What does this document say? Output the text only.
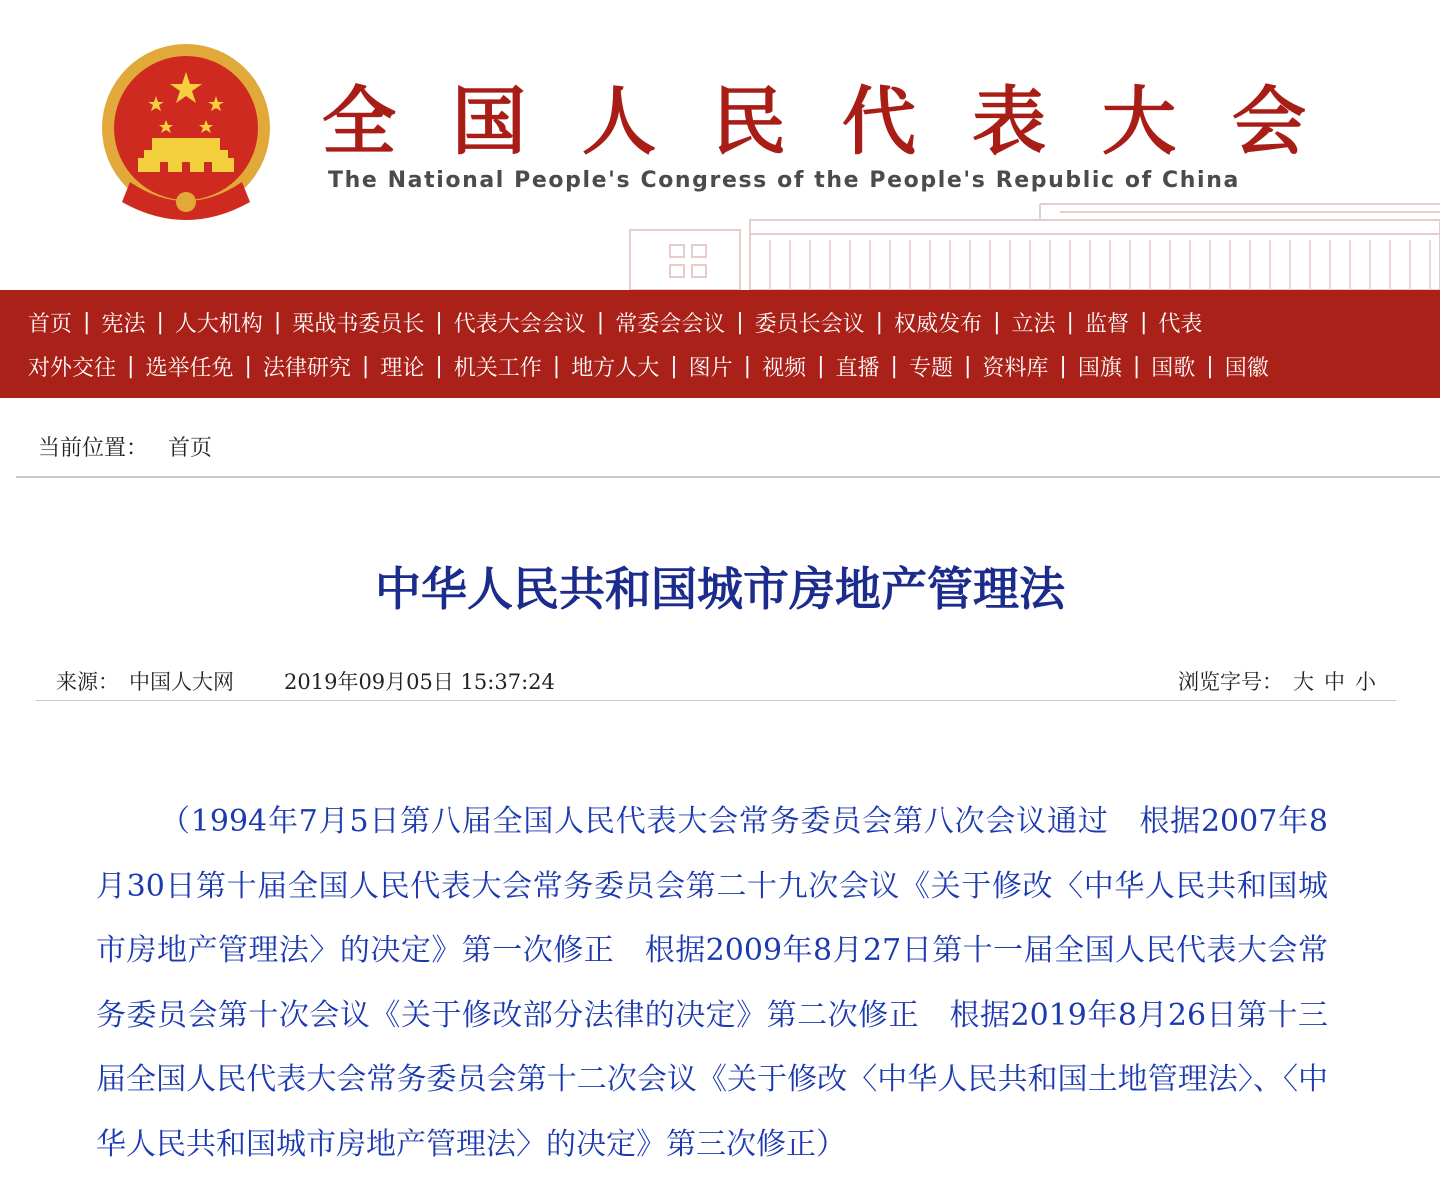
全国人民代表大会
The National People's Congress of the People's Republic of China
首页 | 宪法 | 人大机构 | 栗战书委员长 | 代表大会会议 | 常委会会议 | 委员长会议 | 权威发布 | 立法 | 监督 | 代表
对外交往 | 选举任免 | 法律研究 | 理论 | 机关工作 | 地方人大 | 图片 | 视频 | 直播 | 专题 | 资料库 | 国旗 | 国歌 | 国徽
当前位置： 首页
中华人民共和国城市房地产管理法
来源： 中国人大网 2019年09月05日 15:37:24	浏览字号： 大 中 小

（1994年7月5日第八届全国人民代表大会常务委员会第八次会议通过　根据2007年8月30日第十届全国人民代表大会常务委员会第二十九次会议《关于修改〈中华人民共和国城市房地产管理法〉的决定》第一次修正　根据2009年8月27日第十一届全国人民代表大会常务委员会第十次会议《关于修改部分法律的决定》第二次修正　根据2019年8月26日第十三届全国人民代表大会常务委员会第十二次会议《关于修改〈中华人民共和国土地管理法〉、〈中华人民共和国城市房地产管理法〉的决定》第三次修正）
